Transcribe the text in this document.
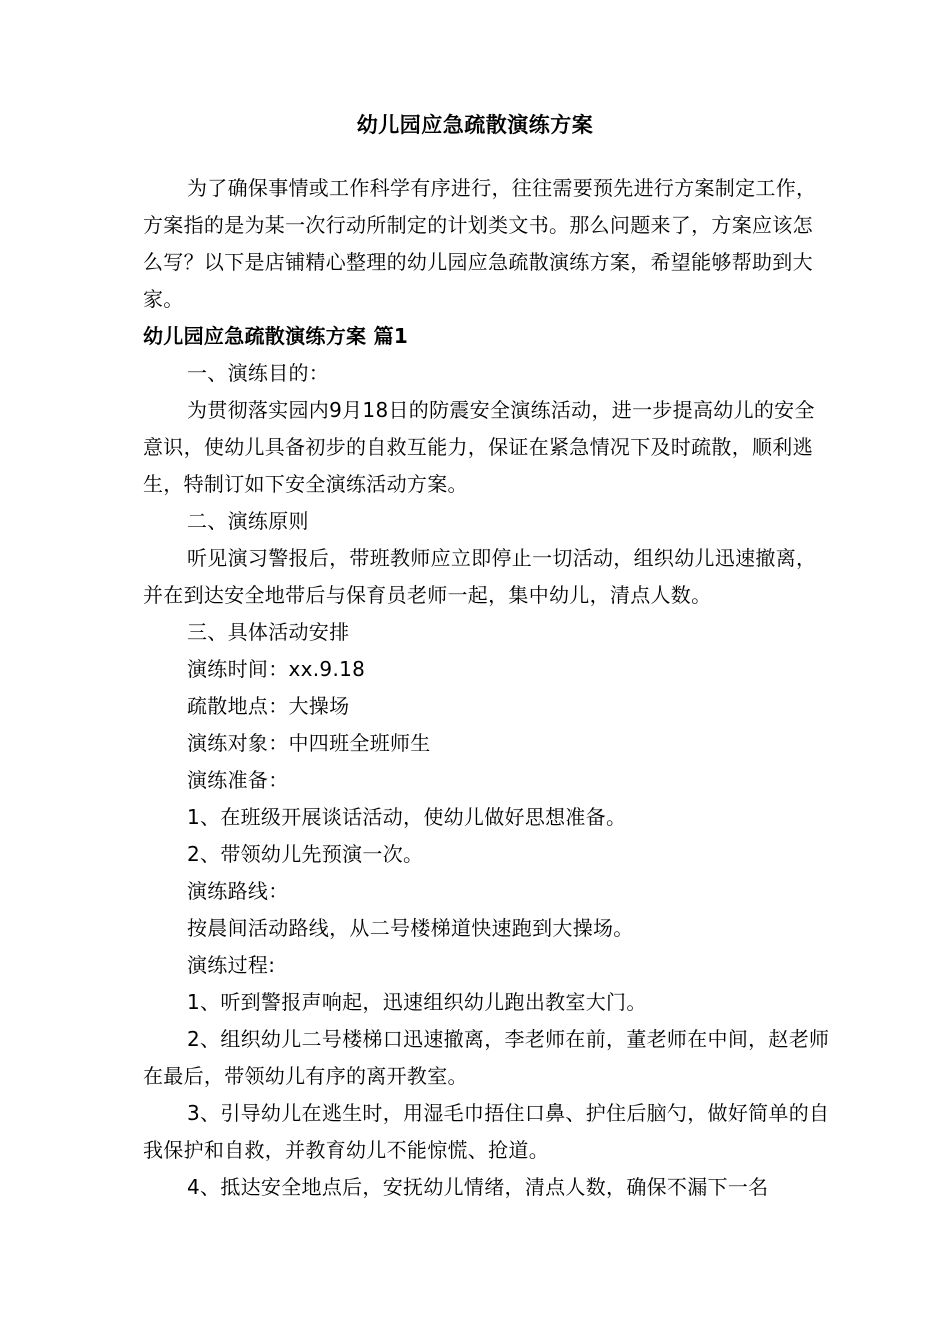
幼儿园应急疏散演练方案

为了确保事情或工作科学有序进行，往往需要预先进行方案制定工作，方案指的是为某一次行动所制定的计划类文书。那么问题来了，方案应该怎么写？以下是店铺精心整理的幼儿园应急疏散演练方案，希望能够帮助到大家。

幼儿园应急疏散演练方案 篇1

一、演练目的：

为贯彻落实园内9月18日的防震安全演练活动，进一步提高幼儿的安全意识，使幼儿具备初步的自救互能力，保证在紧急情况下及时疏散，顺利逃生，特制订如下安全演练活动方案。

二、演练原则

听见演习警报后，带班教师应立即停止一切活动，组织幼儿迅速撤离，并在到达安全地带后与保育员老师一起，集中幼儿，清点人数。

三、具体活动安排

演练时间：xx.9.18

疏散地点：大操场

演练对象：中四班全班师生

演练准备：

1、在班级开展谈话活动，使幼儿做好思想准备。

2、带领幼儿先预演一次。

演练路线：

按晨间活动路线，从二号楼梯道快速跑到大操场。

演练过程:

1、听到警报声响起，迅速组织幼儿跑出教室大门。

2、组织幼儿二号楼梯口迅速撤离，李老师在前，董老师在中间，赵老师在最后，带领幼儿有序的离开教室。

3、引导幼儿在逃生时，用湿毛巾捂住口鼻、护住后脑勺，做好简单的自我保护和自救，并教育幼儿不能惊慌、抢道。

4、抵达安全地点后，安抚幼儿情绪，清点人数，确保不漏下一名
